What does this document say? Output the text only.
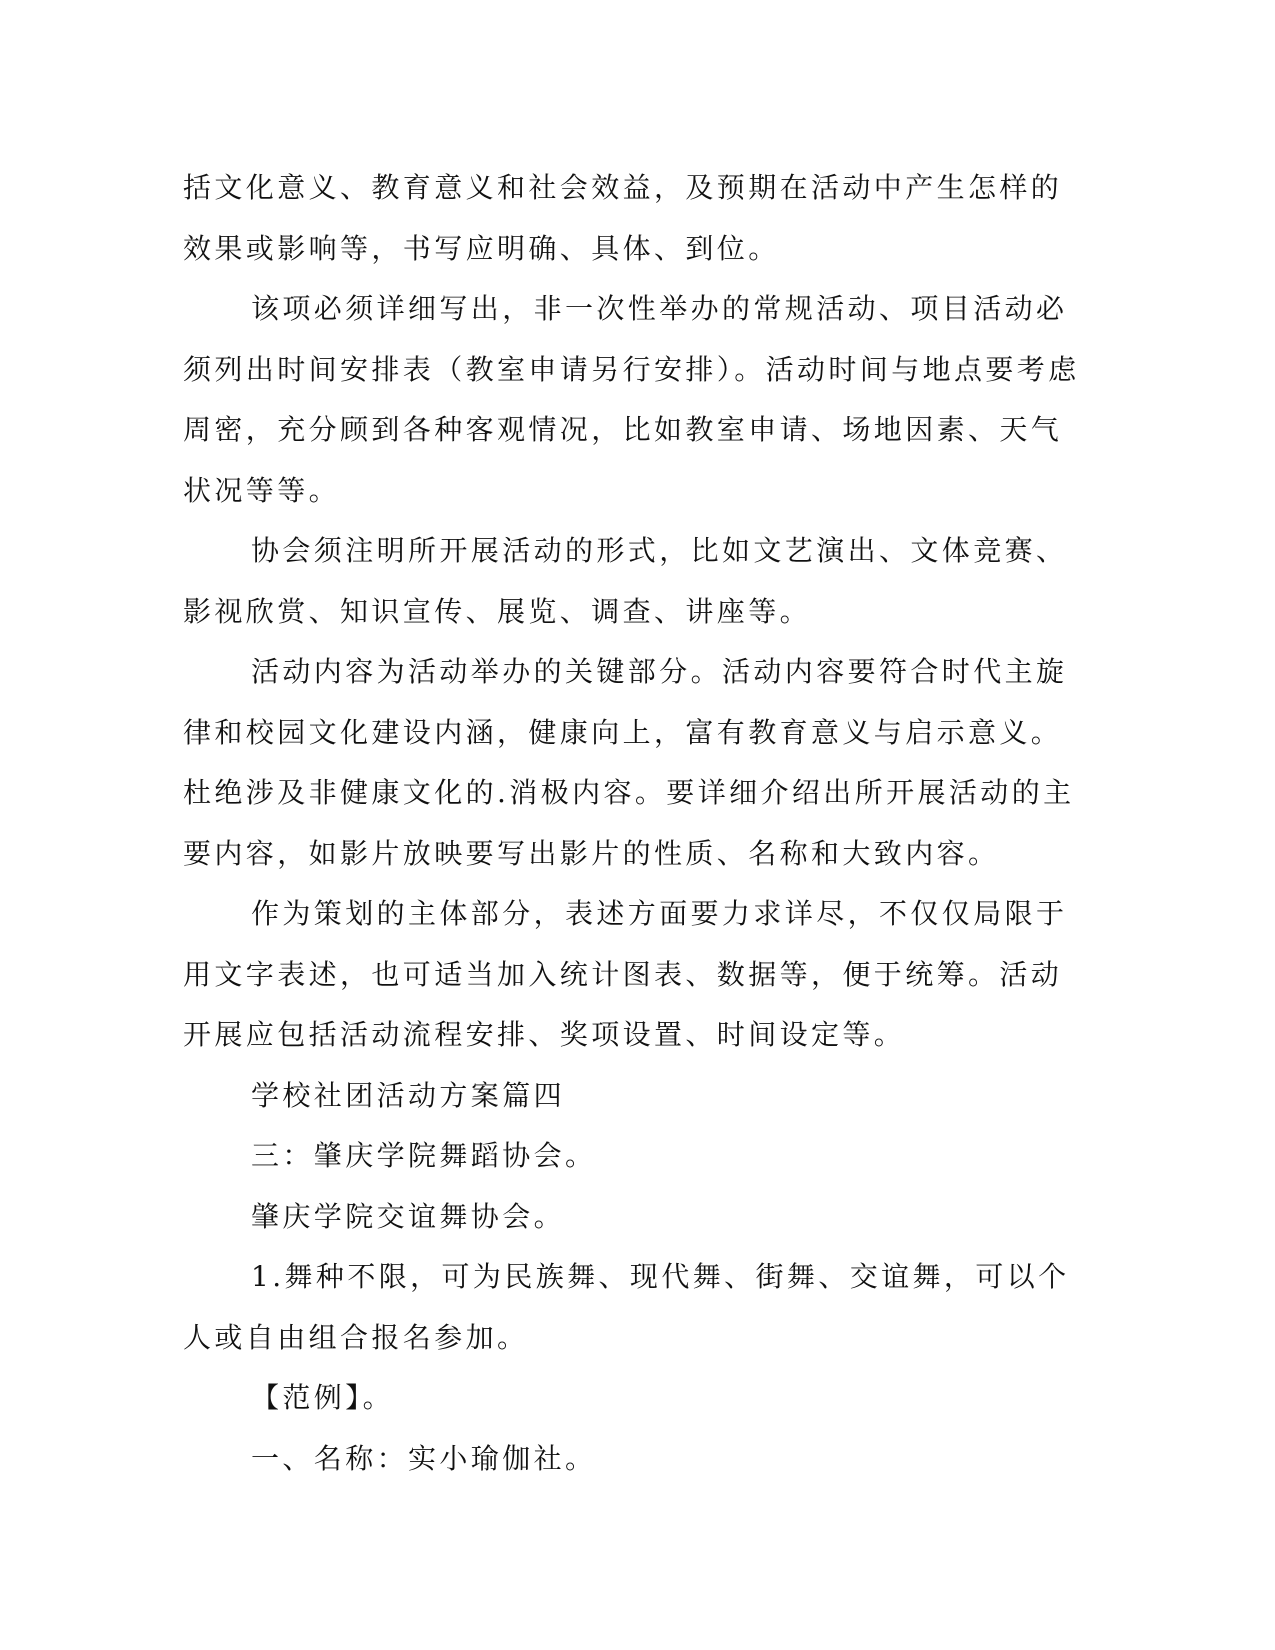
括文化意义、教育意义和社会效益，及预期在活动中产生怎样的效果或影响等，书写应明确、具体、到位。

该项必须详细写出，非一次性举办的常规活动、项目活动必须列出时间安排表（教室申请另行安排）。活动时间与地点要考虑周密，充分顾到各种客观情况，比如教室申请、场地因素、天气状况等等。

协会须注明所开展活动的形式，比如文艺演出、文体竞赛、影视欣赏、知识宣传、展览、调查、讲座等。

活动内容为活动举办的关键部分。活动内容要符合时代主旋律和校园文化建设内涵，健康向上，富有教育意义与启示意义。杜绝涉及非健康文化的.消极内容。要详细介绍出所开展活动的主要内容，如影片放映要写出影片的性质、名称和大致内容。

作为策划的主体部分，表述方面要力求详尽，不仅仅局限于用文字表述，也可适当加入统计图表、数据等，便于统筹。活动开展应包括活动流程安排、奖项设置、时间设定等。

学校社团活动方案篇四

三：肇庆学院舞蹈协会。

肇庆学院交谊舞协会。

1.舞种不限，可为民族舞、现代舞、街舞、交谊舞，可以个人或自由组合报名参加。

【范例】。

一、名称：实小瑜伽社。
